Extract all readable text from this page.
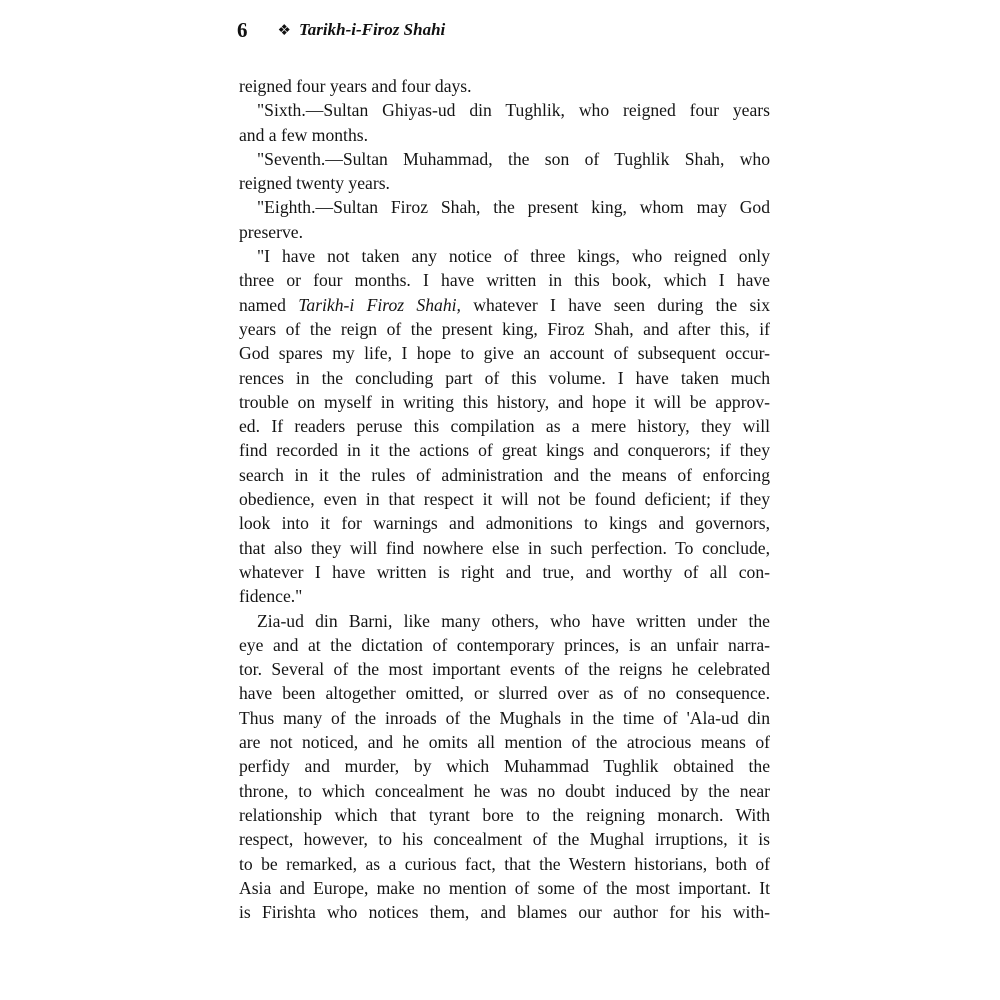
6 ❖ Tarikh-i-Firoz Shahi
reigned four years and four days.
"Sixth.—Sultan Ghiyas-ud din Tughlik, who reigned four years
and a few months.
"Seventh.—Sultan Muhammad, the son of Tughlik Shah, who
reigned twenty years.
"Eighth.—Sultan Firoz Shah, the present king, whom may God
preserve.
"I have not taken any notice of three kings, who reigned only
three or four months. I have written in this book, which I have
named Tarikh-i Firoz Shahi, whatever I have seen during the six
years of the reign of the present king, Firoz Shah, and after this, if
God spares my life, I hope to give an account of subsequent occur-
rences in the concluding part of this volume. I have taken much
trouble on myself in writing this history, and hope it will be approv-
ed. If readers peruse this compilation as a mere history, they will
find recorded in it the actions of great kings and conquerors; if they
search in it the rules of administration and the means of enforcing
obedience, even in that respect it will not be found deficient; if they
look into it for warnings and admonitions to kings and governors,
that also they will find nowhere else in such perfection. To conclude,
whatever I have written is right and true, and worthy of all con-
fidence."
Zia-ud din Barni, like many others, who have written under the
eye and at the dictation of contemporary princes, is an unfair narra-
tor. Several of the most important events of the reigns he celebrated
have been altogether omitted, or slurred over as of no consequence.
Thus many of the inroads of the Mughals in the time of 'Ala-ud din
are not noticed, and he omits all mention of the atrocious means of
perfidy and murder, by which Muhammad Tughlik obtained the
throne, to which concealment he was no doubt induced by the near
relationship which that tyrant bore to the reigning monarch. With
respect, however, to his concealment of the Mughal irruptions, it is
to be remarked, as a curious fact, that the Western historians, both of
Asia and Europe, make no mention of some of the most important. It
is Firishta who notices them, and blames our author for his with-
